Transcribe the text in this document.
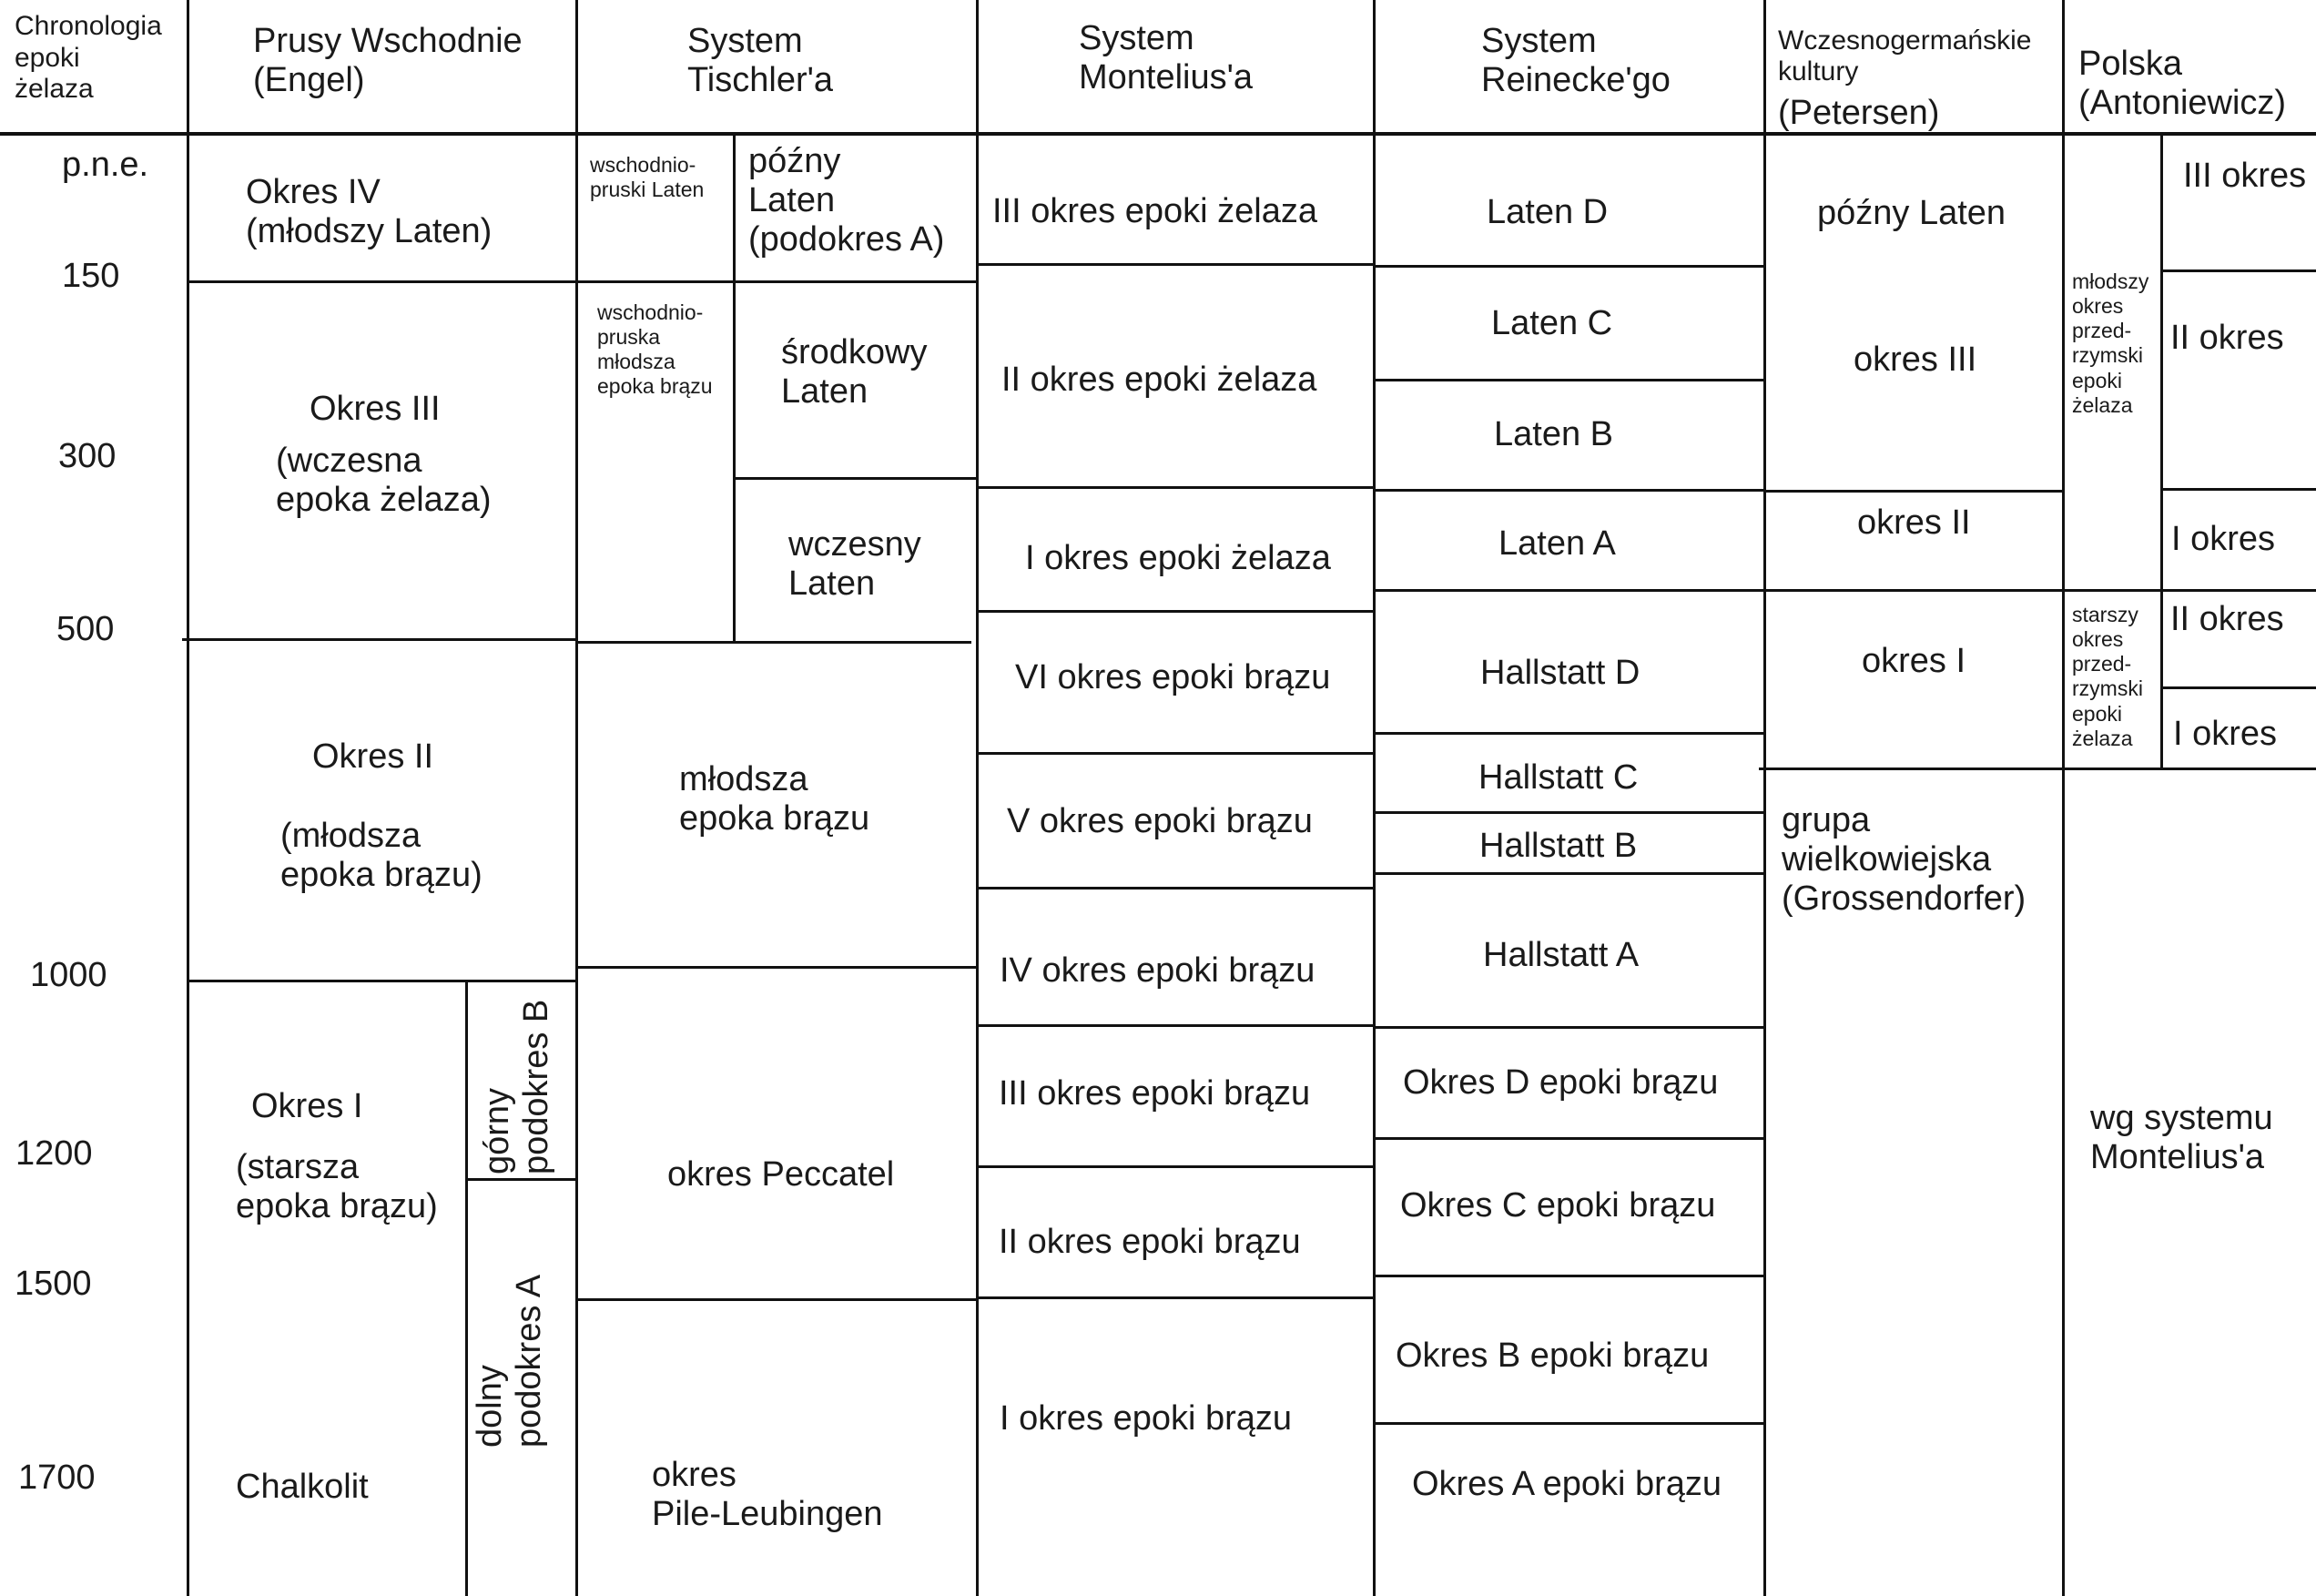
Chronologia
epoki
żelaza
Prusy Wschodnie
(Engel)
System
Tischler'a
System
Montelius'a
System
Reinecke'go
Wczesnogermańskie
kultury
(Petersen)
Polska
(Antoniewicz)
p.n.e.
150
300
500
1000
1200
1500
1700
Okres IV
(młodszy Laten)
Okres III
(wczesna
epoka żelaza)
Okres II
(młodsza
epoka brązu)
Okres I
(starsza
epoka brązu)
Chalkolit
górny
podokres B
dolny
podokres A
wschodnio-
pruski Laten
późny
Laten
(podokres A)
wschodnio-
pruska
młodsza
epoka brązu
środkowy
Laten
wczesny
Laten
młodsza
epoka brązu
okres Peccatel
okres
Pile-Leubingen
III okres epoki żelaza
II okres epoki żelaza
I okres epoki żelaza
VI okres epoki brązu
V okres epoki brązu
IV okres epoki brązu
III okres epoki brązu
II okres epoki brązu
I okres epoki brązu
Laten D
Laten C
Laten B
Laten A
Hallstatt D
Hallstatt C
Hallstatt B
Hallstatt A
Okres D epoki brązu
Okres C epoki brązu
Okres B epoki brązu
Okres A epoki brązu
późny Laten
okres III
okres II
okres I
grupa
wielkowiejska
(Grossendorfer)
młodszy
okres
przed-
rzymski
epoki
żelaza
starszy
okres
przed-
rzymski
epoki
żelaza
III okres
II okres
I okres
II okres
I okres
wg systemu
Montelius'a
